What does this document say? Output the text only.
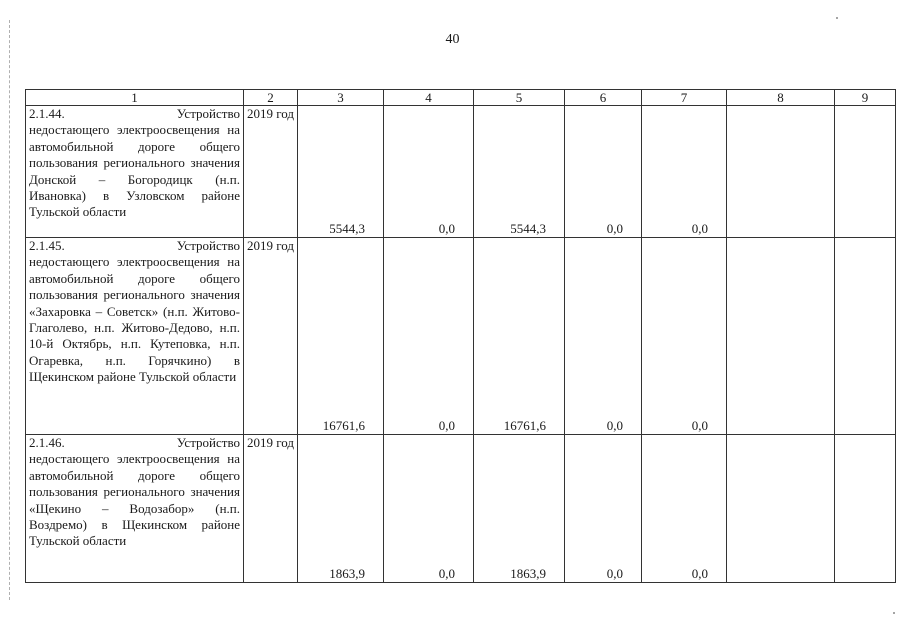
40
1	2	3	4	5	6	7	8	9

2.1.44. Устройство
недостающего электроосвещения на автомобильной дороге общего пользования регионального значения Донской – Богородицк (н.п. Ивановка) в Узловском районе Тульской области	2019 год	5544,3	0,0	5544,3	0,0	0,0		

2.1.45. Устройство
недостающего электроосвещения на автомобильной дороге общего пользования регионального значения «Захаровка – Советск» (н.п. Житово-Глаголево, н.п. Житово-Дедово, н.п. 10-й Октябрь, н.п. Кутеповка, н.п. Огаревка, н.п. Горячкино) в Щекинском районе Тульской области	2019 год	16761,6	0,0	16761,6	0,0	0,0		

2.1.46. Устройство
недостающего электроосвещения на автомобильной дороге общего пользования регионального значения «Щекино – Водозабор» (н.п. Воздремо) в Щекинском районе Тульской области	2019 год	1863,9	0,0	1863,9	0,0	0,0		
